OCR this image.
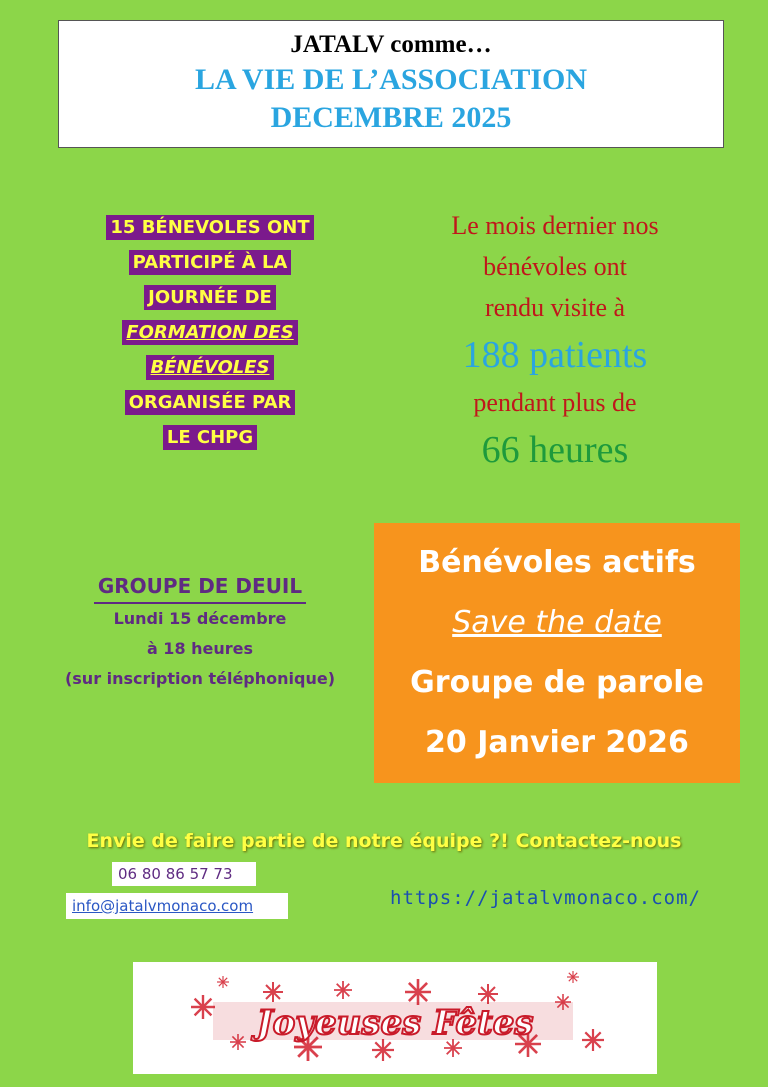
JATALV comme…
LA VIE DE L’ASSOCIATION
DECEMBRE 2025
15 BÉNEVOLES ONT
PARTICIPÉ À LA
JOURNÉE DE
FORMATION DES
BÉNÉVOLES
ORGANISÉE PAR
LE CHPG
Le mois dernier nos
bénévoles ont
rendu visite à
188 patients
pendant plus de
66 heures
GROUPE DE DEUIL
Lundi 15 décembre
à 18 heures
(sur inscription téléphonique)
Bénévoles actifs
Save the date
Groupe de parole
20 Janvier 2026
Envie de faire partie de notre équipe ?! Contactez-nous
06 80 86 57 73
info@jatalvmonaco.com	https://jatalvmonaco.com/
Joyeuses Fêtes
